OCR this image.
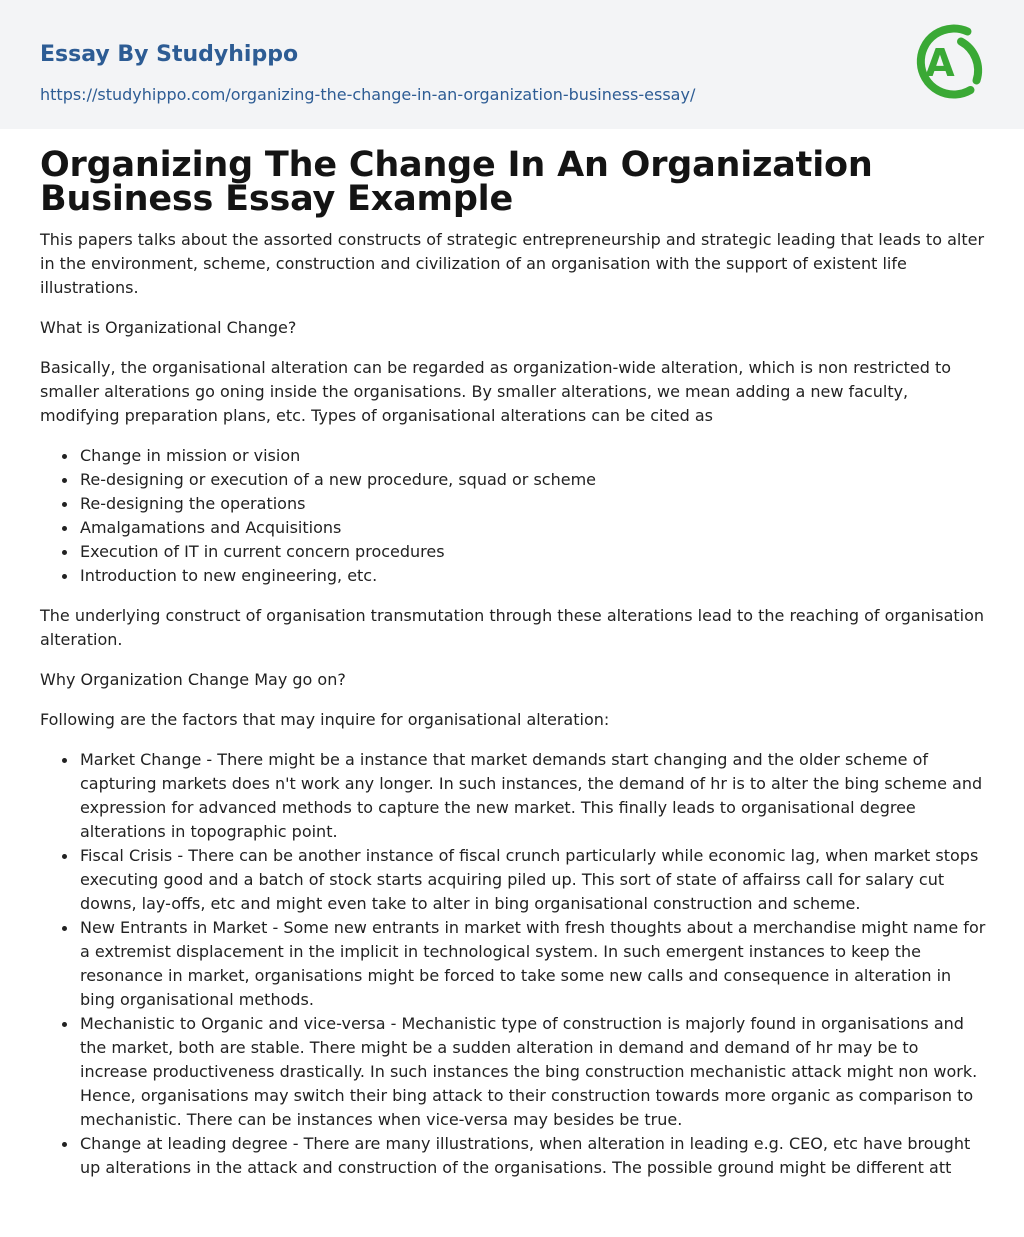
Essay By Studyhippo
https://studyhippo.com/organizing-the-change-in-an-organization-business-essay/
A
Organizing The Change In An Organization Business Essay Example

This papers talks about the assorted constructs of strategic entrepreneurship and strategic leading that leads to alter in the environment, scheme, construction and civilization of an organisation with the support of existent life illustrations.

What is Organizational Change?

Basically, the organisational alteration can be regarded as organization-wide alteration, which is non restricted to smaller alterations go oning inside the organisations. By smaller alterations, we mean adding a new faculty, modifying preparation plans, etc. Types of organisational alterations can be cited as

Change in mission or vision
Re-designing or execution of a new procedure, squad or scheme
Re-designing the operations
Amalgamations and Acquisitions
Execution of IT in current concern procedures
Introduction to new engineering, etc.

The underlying construct of organisation transmutation through these alterations lead to the reaching of organisation alteration.

Why Organization Change May go on?

Following are the factors that may inquire for organisational alteration:

Market Change - There might be a instance that market demands start changing and the older scheme of capturing markets does n't work any longer. In such instances, the demand of hr is to alter the bing scheme and expression for advanced methods to capture the new market. This finally leads to organisational degree alterations in topographic point.
Fiscal Crisis - There can be another instance of fiscal crunch particularly while economic lag, when market stops executing good and a batch of stock starts acquiring piled up. This sort of state of affairss call for salary cut downs, lay-offs, etc and might even take to alter in bing organisational construction and scheme.
New Entrants in Market - Some new entrants in market with fresh thoughts about a merchandise might name for a extremist displacement in the implicit in technological system. In such emergent instances to keep the resonance in market, organisations might be forced to take some new calls and consequence in alteration in bing organisational methods.
Mechanistic to Organic and vice-versa - Mechanistic type of construction is majorly found in organisations and the market, both are stable. There might be a sudden alteration in demand and demand of hr may be to increase productiveness drastically. In such instances the bing construction mechanistic attack might non work. Hence, organisations may switch their bing attack to their construction towards more organic as comparison to mechanistic. There can be instances when vice-versa may besides be true.
Change at leading degree - There are many illustrations, when alteration in leading e.g. CEO, etc have brought up alterations in the attack and construction of the organisations. The possible ground might be different att
